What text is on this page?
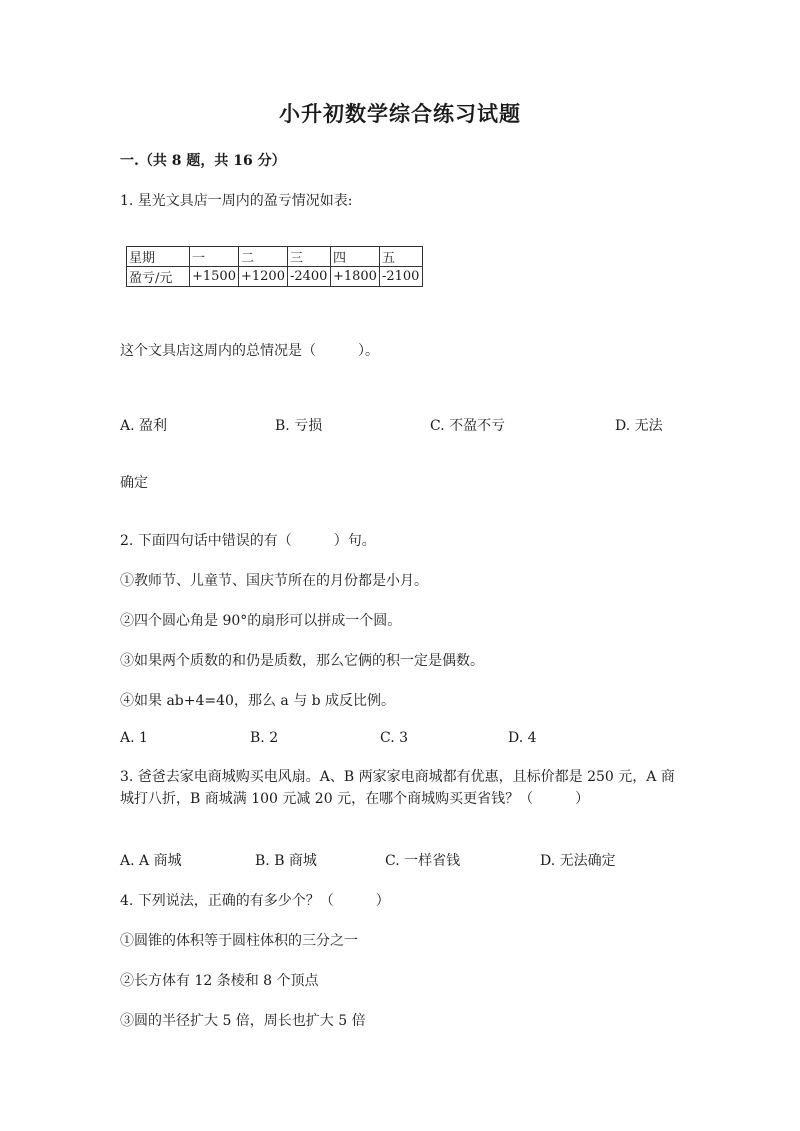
小升初数学综合练习试题
一.（共 8 题，共 16 分）
1. 星光文具店一周内的盈亏情况如表:
星期	一	二	三	四	五
盈亏/元	+1500	+1200	-2400	+1800	-2100
这个文具店这周内的总情况是（　　　）。
A. 盈利	B. 亏损	C. 不盈不亏	D. 无法
确定
2. 下面四句话中错误的有（　　　）句。
①教师节、儿童节、国庆节所在的月份都是小月。
②四个圆心角是 90°的扇形可以拼成一个圆。
③如果两个质数的和仍是质数，那么它俩的积一定是偶数。
④如果 ab+4=40，那么 a 与 b 成反比例。
A. 1	B. 2	C. 3	D. 4
3. 爸爸去家电商城购买电风扇。A、B 两家家电商城都有优惠，且标价都是 250 元，A 商城打八折，B 商城满 100 元减 20 元，在哪个商城购买更省钱？（　　　）
A. A 商城	B. B 商城	C. 一样省钱	D. 无法确定
4. 下列说法，正确的有多少个？（　　　）
①圆锥的体积等于圆柱体积的三分之一
②长方体有 12 条棱和 8 个顶点
③圆的半径扩大 5 倍，周长也扩大 5 倍
